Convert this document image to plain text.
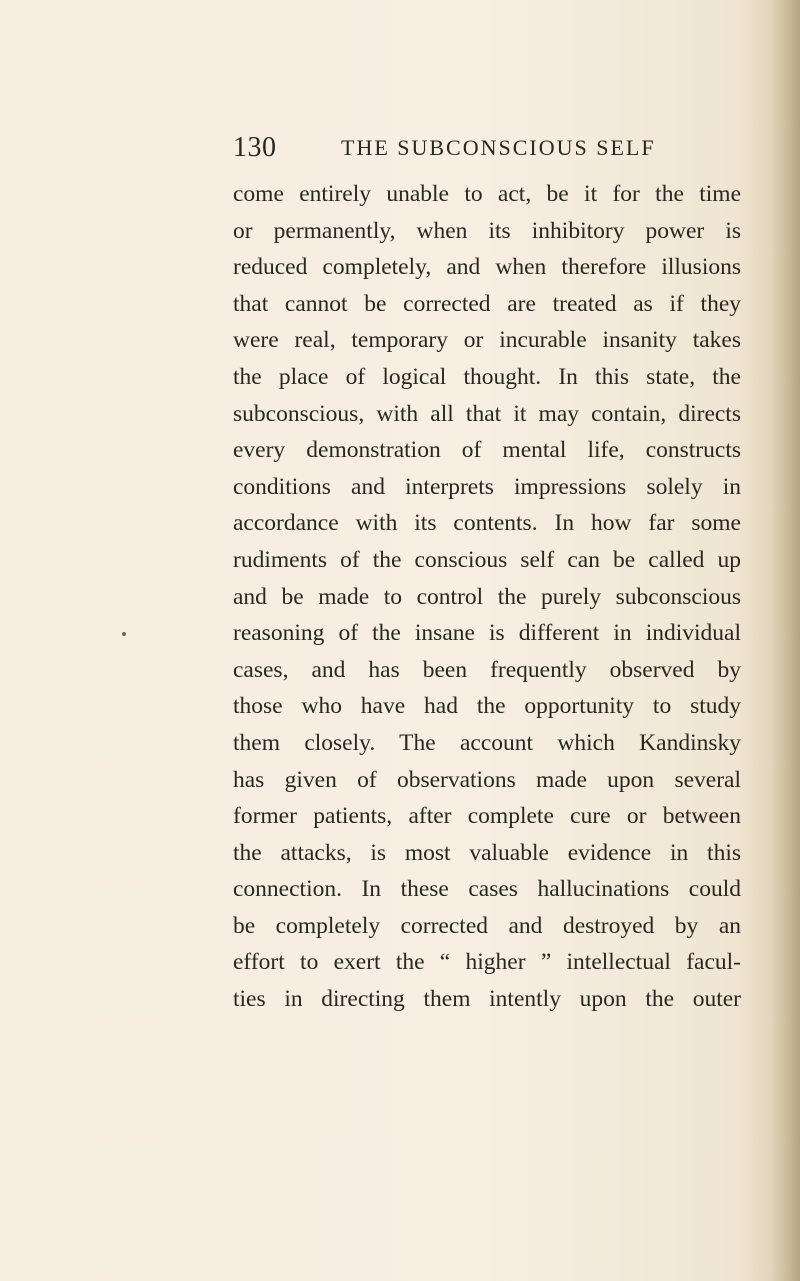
130	THE SUBCONSCIOUS SELF

come entirely unable to act, be it for the time
or permanently, when its inhibitory power is
reduced completely, and when therefore illusions
that cannot be corrected are treated as if they
were real, temporary or incurable insanity takes
the place of logical thought. In this state, the
subconscious, with all that it may contain, directs
every demonstration of mental life, constructs
conditions and interprets impressions solely in
accordance with its contents. In how far some
rudiments of the conscious self can be called up
and be made to control the purely subconscious
reasoning of the insane is different in individual
cases, and has been frequently observed by
those who have had the opportunity to study
them closely. The account which Kandinsky
has given of observations made upon several
former patients, after complete cure or between
the attacks, is most valuable evidence in this
connection. In these cases hallucinations could
be completely corrected and destroyed by an
effort to exert the “ higher ” intellectual facul-
ties in directing them intently upon the outer
